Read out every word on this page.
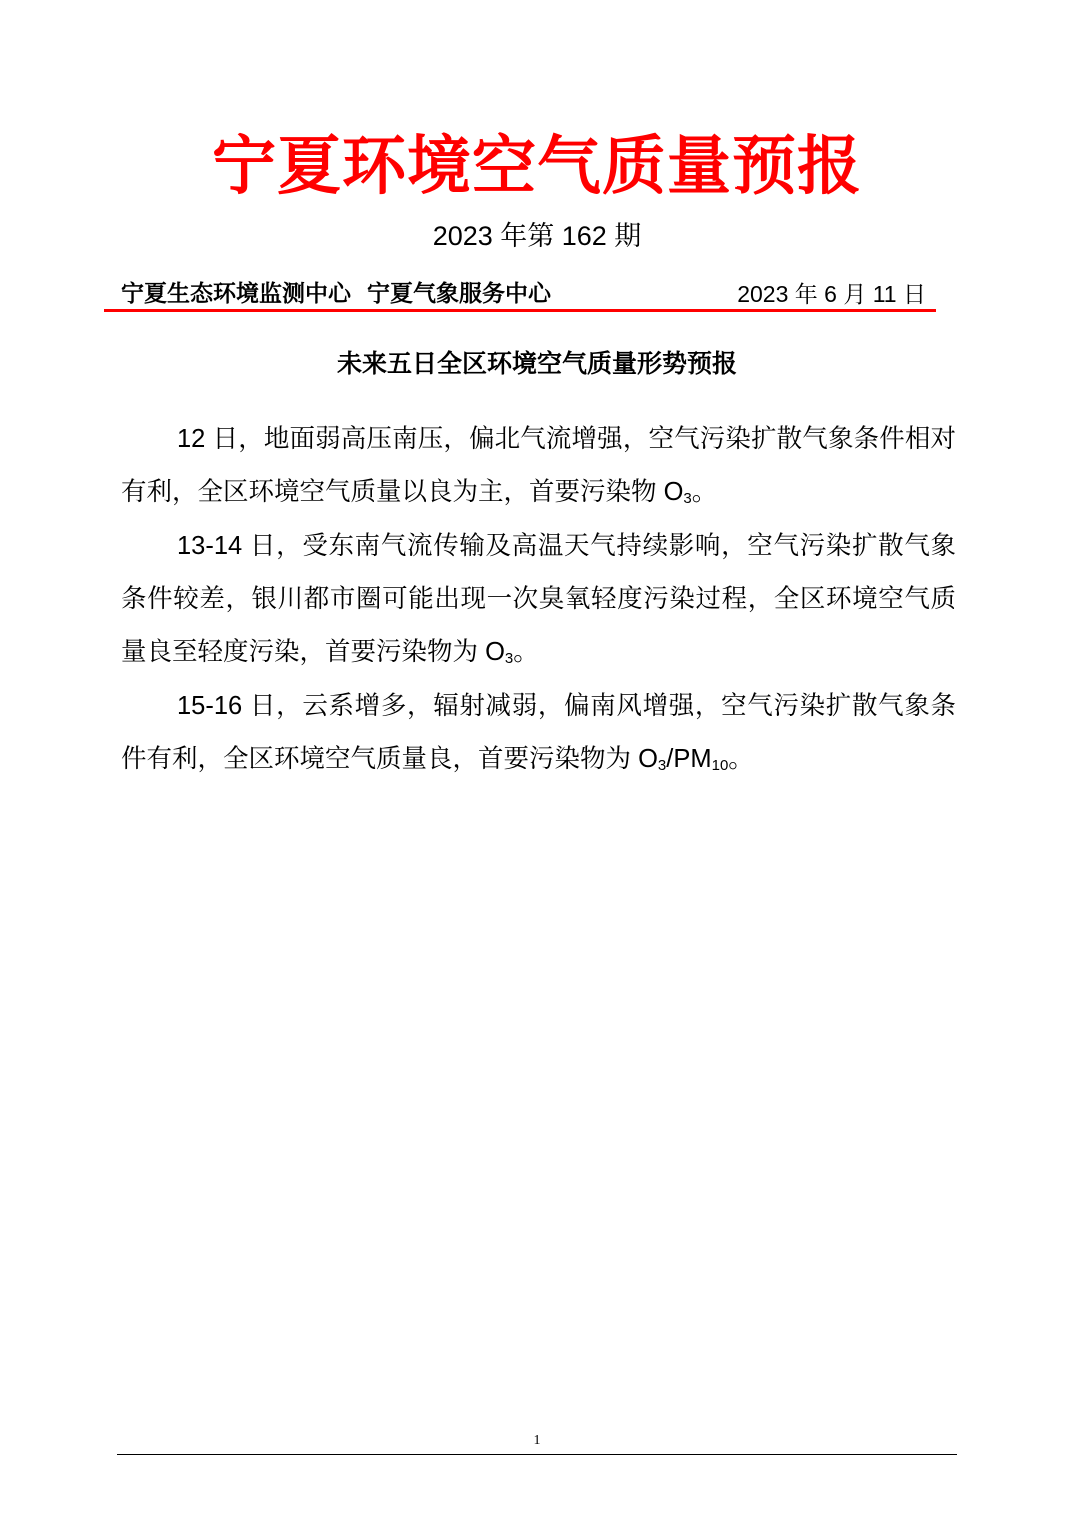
宁夏环境空气质量预报
2023 年第 162 期
宁夏生态环境监测中心  宁夏气象服务中心	2023 年 6 月 11 日
未来五日全区环境空气质量形势预报

12 日，地面弱高压南压，偏北气流增强，空气污染扩散气象条件相对有利，全区环境空气质量以良为主，首要污染物 $O_3$。

13-14 日，受东南气流传输及高温天气持续影响，空气污染扩散气象条件较差，银川都市圈可能出现一次臭氧轻度污染过程，全区环境空气质量良至轻度污染，首要污染物为 $O_3$。

15-16 日，云系增多，辐射减弱，偏南风增强，空气污染扩散气象条件有利，全区环境空气质量良，首要污染物为 $O_3/PM_{10}$。

1
